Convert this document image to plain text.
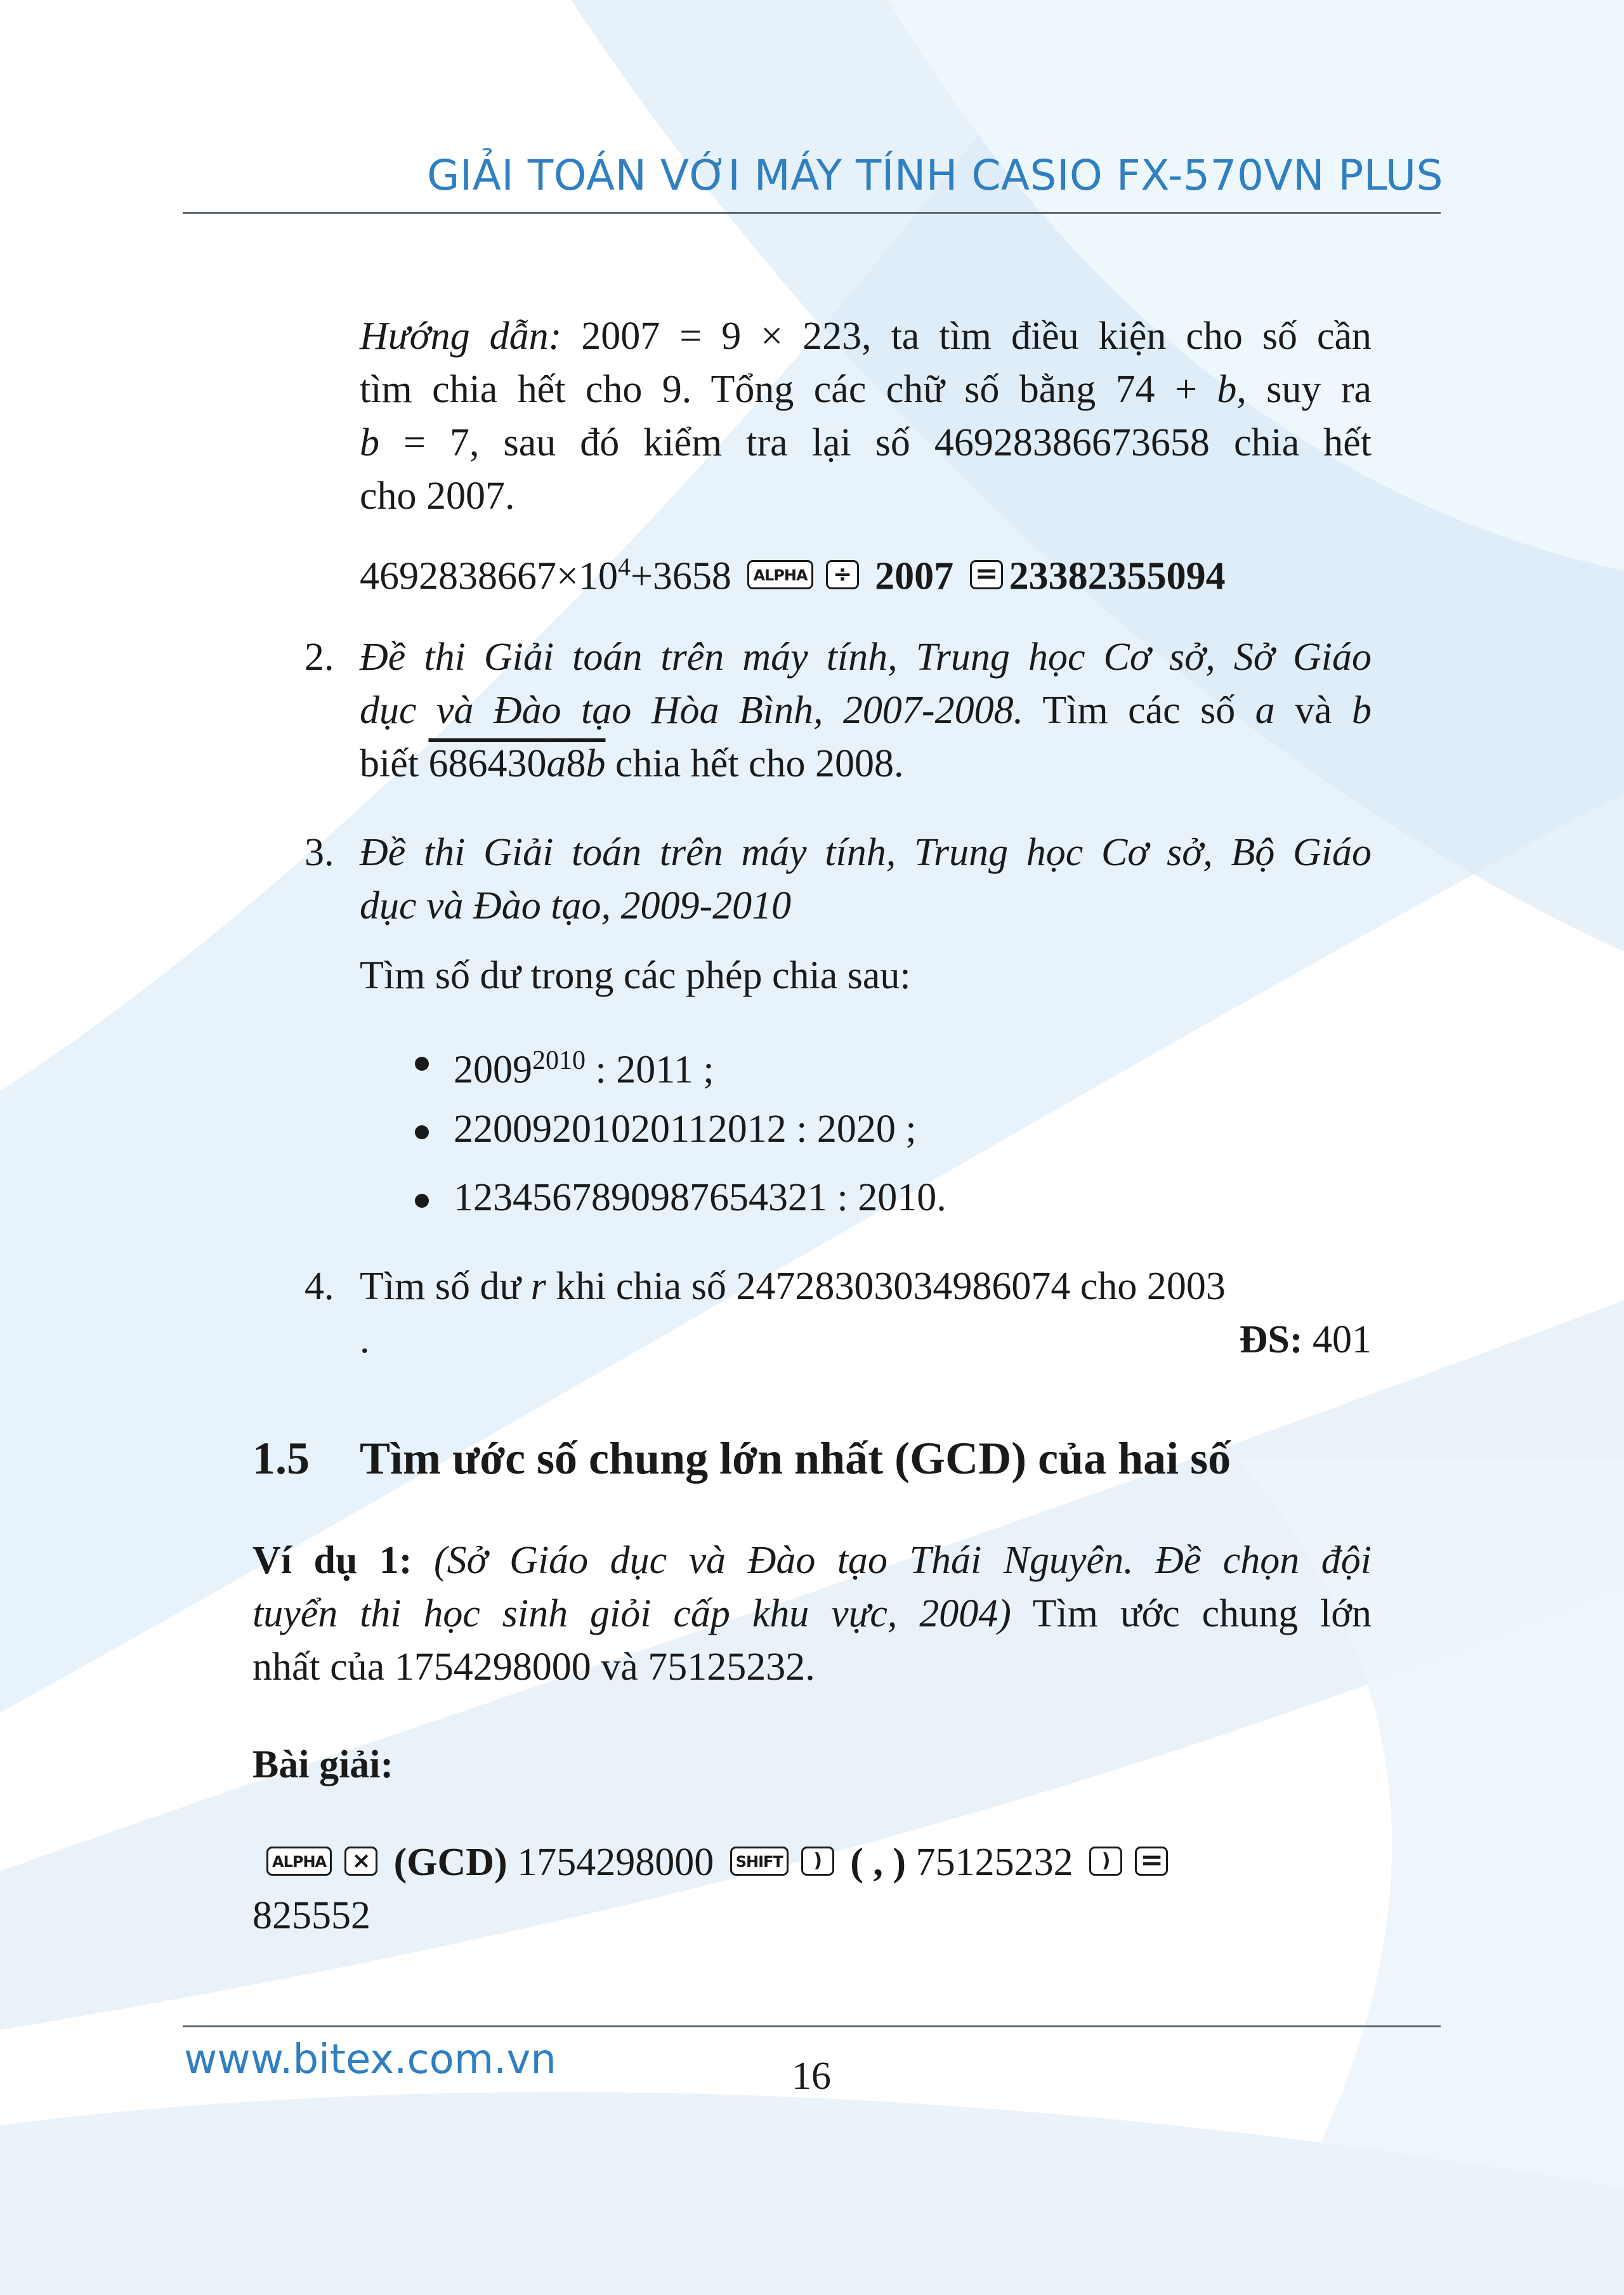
GIẢI TOÁN VỚI MÁY TÍNH CASIO FX-570VN PLUS
Hướng dẫn: 2007 = 9 × 223, ta tìm điều kiện cho số cần
tìm chia hết cho 9. Tổng các chữ số bằng 74 + b, suy ra
b = 7, sau đó kiểm tra lại số 46928386673658 chia hết
cho 2007.
$4692838667\times 10^4+3658$ ALPHA ÷ 2007 = 23382355094
2. Đề thi Giải toán trên máy tính, Trung học Cơ sở, Sở Giáo
dục và Đào tạo Hòa Bình, 2007-2008. Tìm các số a và b
biết 686430a8b chia hết cho 2008.
3. Đề thi Giải toán trên máy tính, Trung học Cơ sở, Bộ Giáo
dục và Đào tạo, 2009-2010
Tìm số dư trong các phép chia sau:
$2009^{2010}$ : 2011 ;
22009201020112012 : 2020 ;
1234567890987654321 : 2010.
4. Tìm số dư r khi chia số 24728303034986074 cho 2003
.	ĐS: 401
1.5 Tìm ước số chung lớn nhất (GCD) của hai số
Ví dụ 1: (Sở Giáo dục và Đào tạo Thái Nguyên. Đề chọn đội
tuyển thi học sinh giỏi cấp khu vực, 2004) Tìm ước chung lớn
nhất của 1754298000 và 75125232.
Bài giải:
ALPHA × (GCD) 1754298000 SHIFT ) ( , ) 75125232 ) =
825552
www.bitex.com.vn	16
